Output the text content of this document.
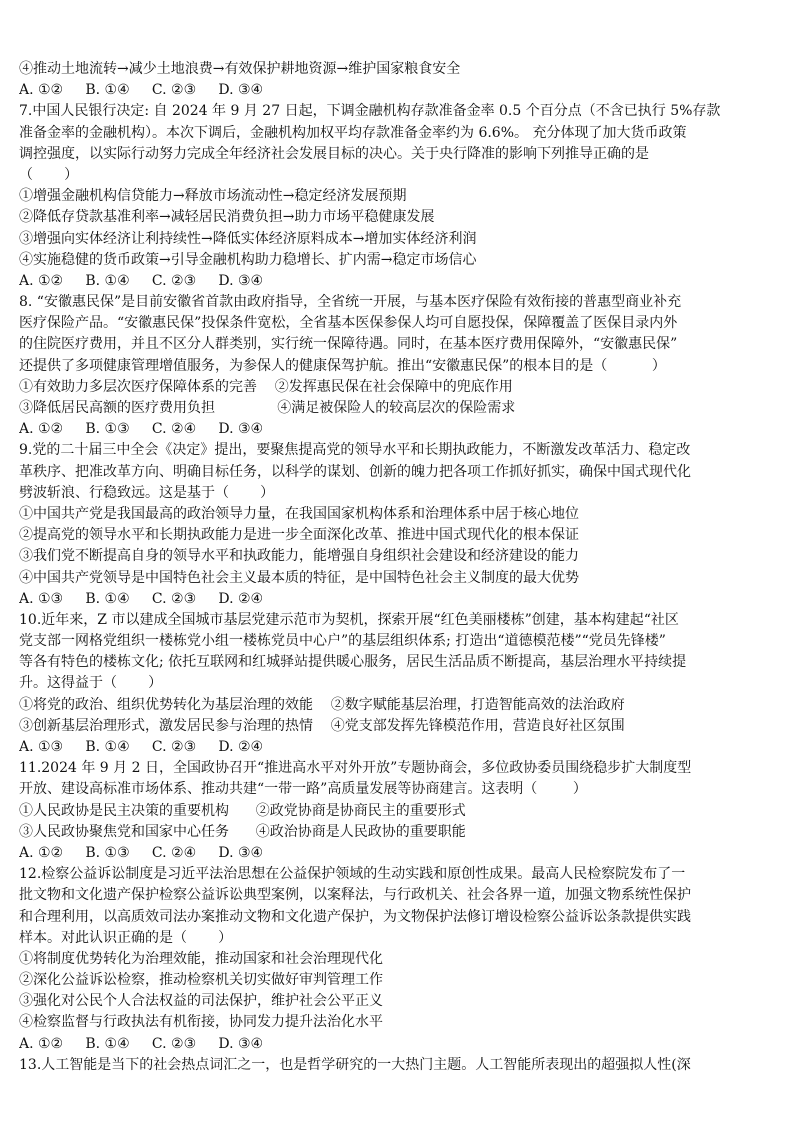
④推动土地流转→减少土地浪费→有效保护耕地资源→维护国家粮食安全
A. ①②     B. ①④     C. ②③     D. ③④
7.中国人民银行决定: 自 2024 年 9 月 27 日起，下调金融机构存款准备金率 0.5 个百分点（不含已执行 5%存款
准备金率的金融机构）。本次下调后，金融机构加权平均存款准备金率约为 6.6%。 充分体现了加大货币政策
调控强度，以实际行动努力完成全年经济社会发展目标的决心。关于央行降准的影响下列推导正确的是
（       ）
①增强金融机构信贷能力→释放市场流动性→稳定经济发展预期
②降低存贷款基准利率→减轻居民消费负担→助力市场平稳健康发展
③增强向实体经济让利持续性→降低实体经济原料成本→增加实体经济利润
④实施稳健的货币政策→引导金融机构助力稳增长、扩内需→稳定市场信心
A. ①②     B. ①④     C. ②③     D. ③④
8. “安徽惠民保”是目前安徽省首款由政府指导，全省统一开展，与基本医疗保险有效衔接的普惠型商业补充
医疗保险产品。“安徽惠民保”投保条件宽松，全省基本医保参保人均可自愿投保，保障覆盖了医保目录内外
的住院医疗费用，并且不区分人群类别，实行统一保障待遇。同时，在基本医疗费用保障外，“安徽惠民保”
还提供了多项健康管理增值服务，为参保人的健康保驾护航。推出“安徽惠民保”的根本目的是（          ）
①有效助力多层次医疗保障体系的完善    ②发挥惠民保在社会保障中的兜底作用
③降低居民高额的医疗费用负担              ④满足被保险人的较高层次的保险需求
A. ①②     B. ①③     C. ②④     D. ③④
9.党的二十届三中全会《决定》提出，要聚焦提高党的领导水平和长期执政能力，不断激发改革活力、稳定改
革秩序、把准改革方向、明确目标任务，以科学的谋划、创新的魄力把各项工作抓好抓实，确保中国式现代化
劈波斩浪、行稳致远。这是基于（       ）
①中国共产党是我国最高的政治领导力量，在我国国家机构体系和治理体系中居于核心地位
②提高党的领导水平和长期执政能力是进一步全面深化改革、推进中国式现代化的根本保证
③我们党不断提高自身的领导水平和执政能力，能增强自身组织社会建设和经济建设的能力
④中国共产党领导是中国特色社会主义最本质的特征，是中国特色社会主义制度的最大优势
A. ①③     B. ①④     C. ②③     D. ②④
10.近年来，Z 市以建成全国城市基层党建示范市为契机，探索开展“红色美丽楼栋”创建，基本构建起“社区
党支部一网格党组织一楼栋党小组一楼栋党员中心户”的基层组织体系; 打造出“道德模范楼”“党员先锋楼”
等各有特色的楼栋文化; 依托互联网和红城驿站提供暖心服务，居民生活品质不断提高，基层治理水平持续提
升。这得益于（       ）
①将党的政治、组织优势转化为基层治理的效能    ②数字赋能基层治理，打造智能高效的法治政府
③创新基层治理形式，激发居民参与治理的热情    ④党支部发挥先锋模范作用，营造良好社区氛围
A. ①③     B. ①④     C. ②③     D. ②④
11.2024 年 9 月 2 日，全国政协召开“推进高水平对外开放”专题协商会，多位政协委员围绕稳步扩大制度型
开放、建设高标准市场体系、推动共建“一带一路”高质量发展等协商建言。这表明（        ）
①人民政协是民主决策的重要机构      ②政党协商是协商民主的重要形式
③人民政协聚焦党和国家中心任务      ④政治协商是人民政协的重要职能
A. ①②     B. ①③     C. ②④     D. ③④
12.检察公益诉讼制度是习近平法治思想在公益保护领域的生动实践和原创性成果。最高人民检察院发布了一
批文物和文化遗产保护检察公益诉讼典型案例，以案释法，与行政机关、社会各界一道，加强文物系统性保护
和合理利用，以高质效司法办案推动文物和文化遗产保护，为文物保护法修订增设检察公益诉讼条款提供实践
样本。对此认识正确的是（       ）
①将制度优势转化为治理效能，推动国家和社会治理现代化
②深化公益诉讼检察，推动检察机关切实做好审判管理工作
③强化对公民个人合法权益的司法保护，维护社会公平正义
④检察监督与行政执法有机衔接，协同发力提升法治化水平
A. ①②     B. ①④     C. ②③     D. ③④
13.人工智能是当下的社会热点词汇之一，也是哲学研究的一大热门主题。人工智能所表现出的超强拟人性(深
